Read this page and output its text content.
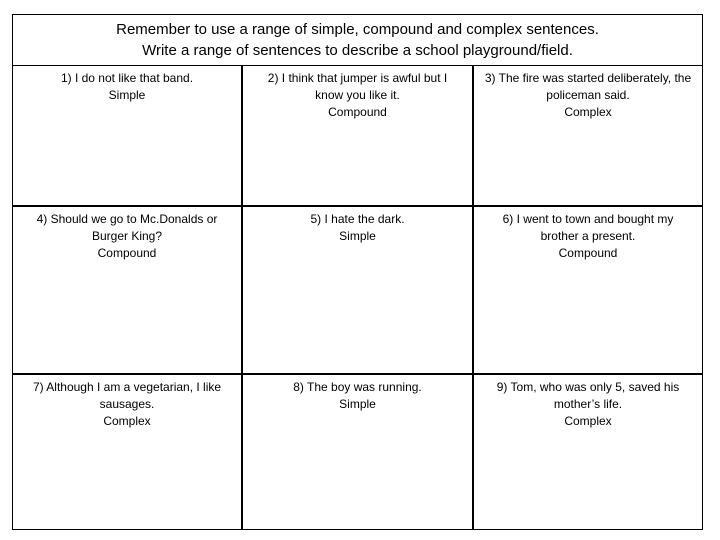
Remember to use a range of simple, compound and complex sentences.
Write a range of sentences to describe a school playground/field.
1) I do not like that band.
Simple
2) I think that jumper is awful but I know you like it.
Compound
3) The fire was started deliberately, the policeman said.
Complex
4) Should we go to Mc.Donalds or Burger King?
Compound
5) I hate the dark.
Simple
6) I went to town and bought my brother a present.
Compound
7) Although I am a vegetarian, I like sausages.
Complex
8) The boy was running.
Simple
9) Tom, who was only 5, saved his mother’s life.
Complex
